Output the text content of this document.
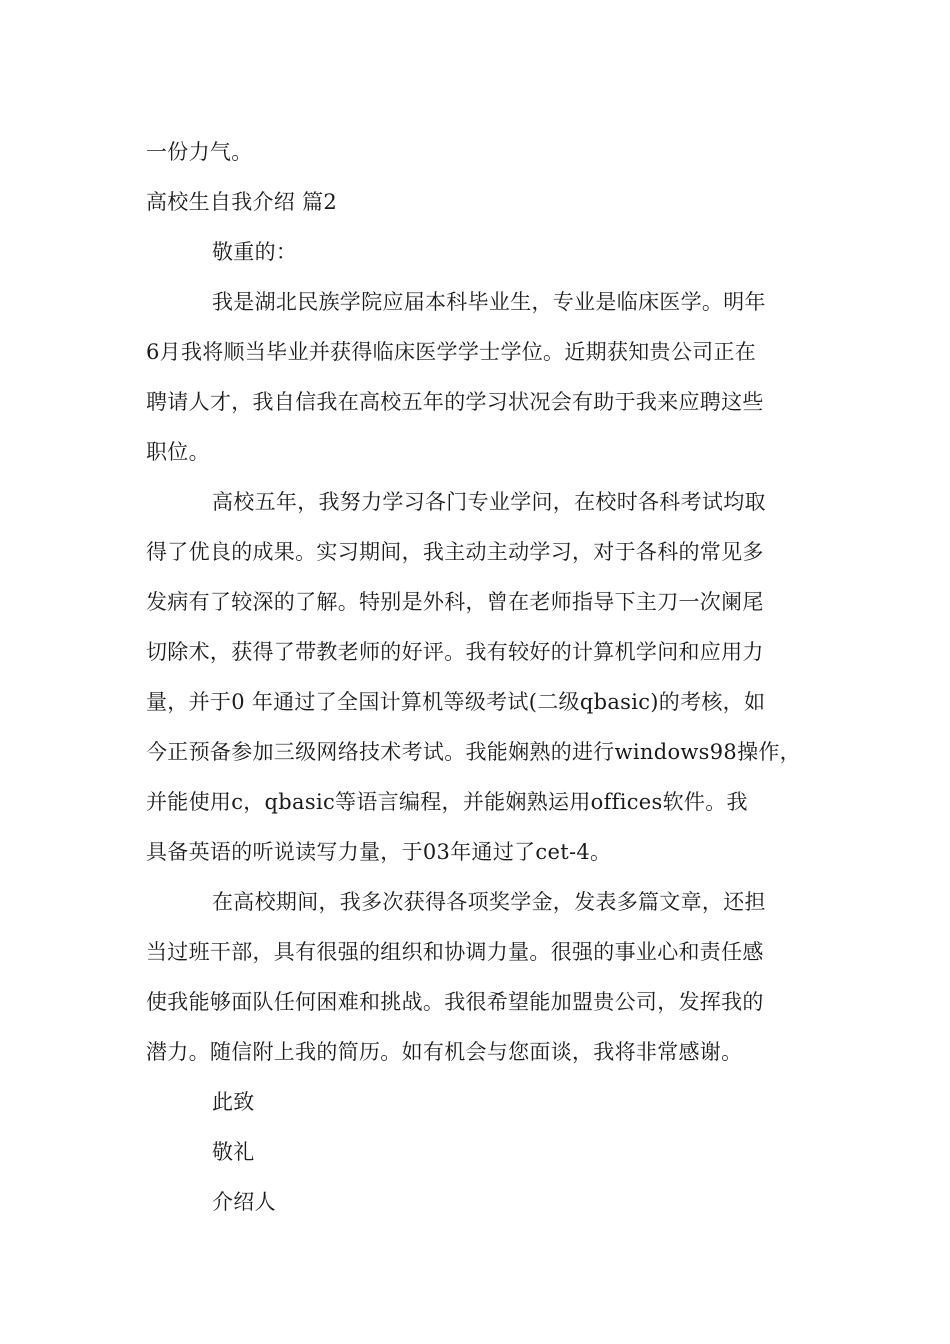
一份力气。
高校生自我介绍 篇2
敬重的：
我是湖北民族学院应届本科毕业生，专业是临床医学。明年
6月我将顺当毕业并获得临床医学学士学位。近期获知贵公司正在
聘请人才，我自信我在高校五年的学习状况会有助于我来应聘这些
职位。
高校五年，我努力学习各门专业学问，在校时各科考试均取
得了优良的成果。实习期间，我主动主动学习，对于各科的常见多
发病有了较深的了解。特别是外科，曾在老师指导下主刀一次阑尾
切除术，获得了带教老师的好评。我有较好的计算机学问和应用力
量，并于0 年通过了全国计算机等级考试(二级qbasic)的考核，如
今正预备参加三级网络技术考试。我能娴熟的进行windows98操作，
并能使用c，qbasic等语言编程，并能娴熟运用offices软件。我
具备英语的听说读写力量，于03年通过了cet-4。
在高校期间，我多次获得各项奖学金，发表多篇文章，还担
当过班干部，具有很强的组织和协调力量。很强的事业心和责任感
使我能够面队任何困难和挑战。我很希望能加盟贵公司，发挥我的
潜力。随信附上我的简历。如有机会与您面谈，我将非常感谢。
此致
敬礼
介绍人
